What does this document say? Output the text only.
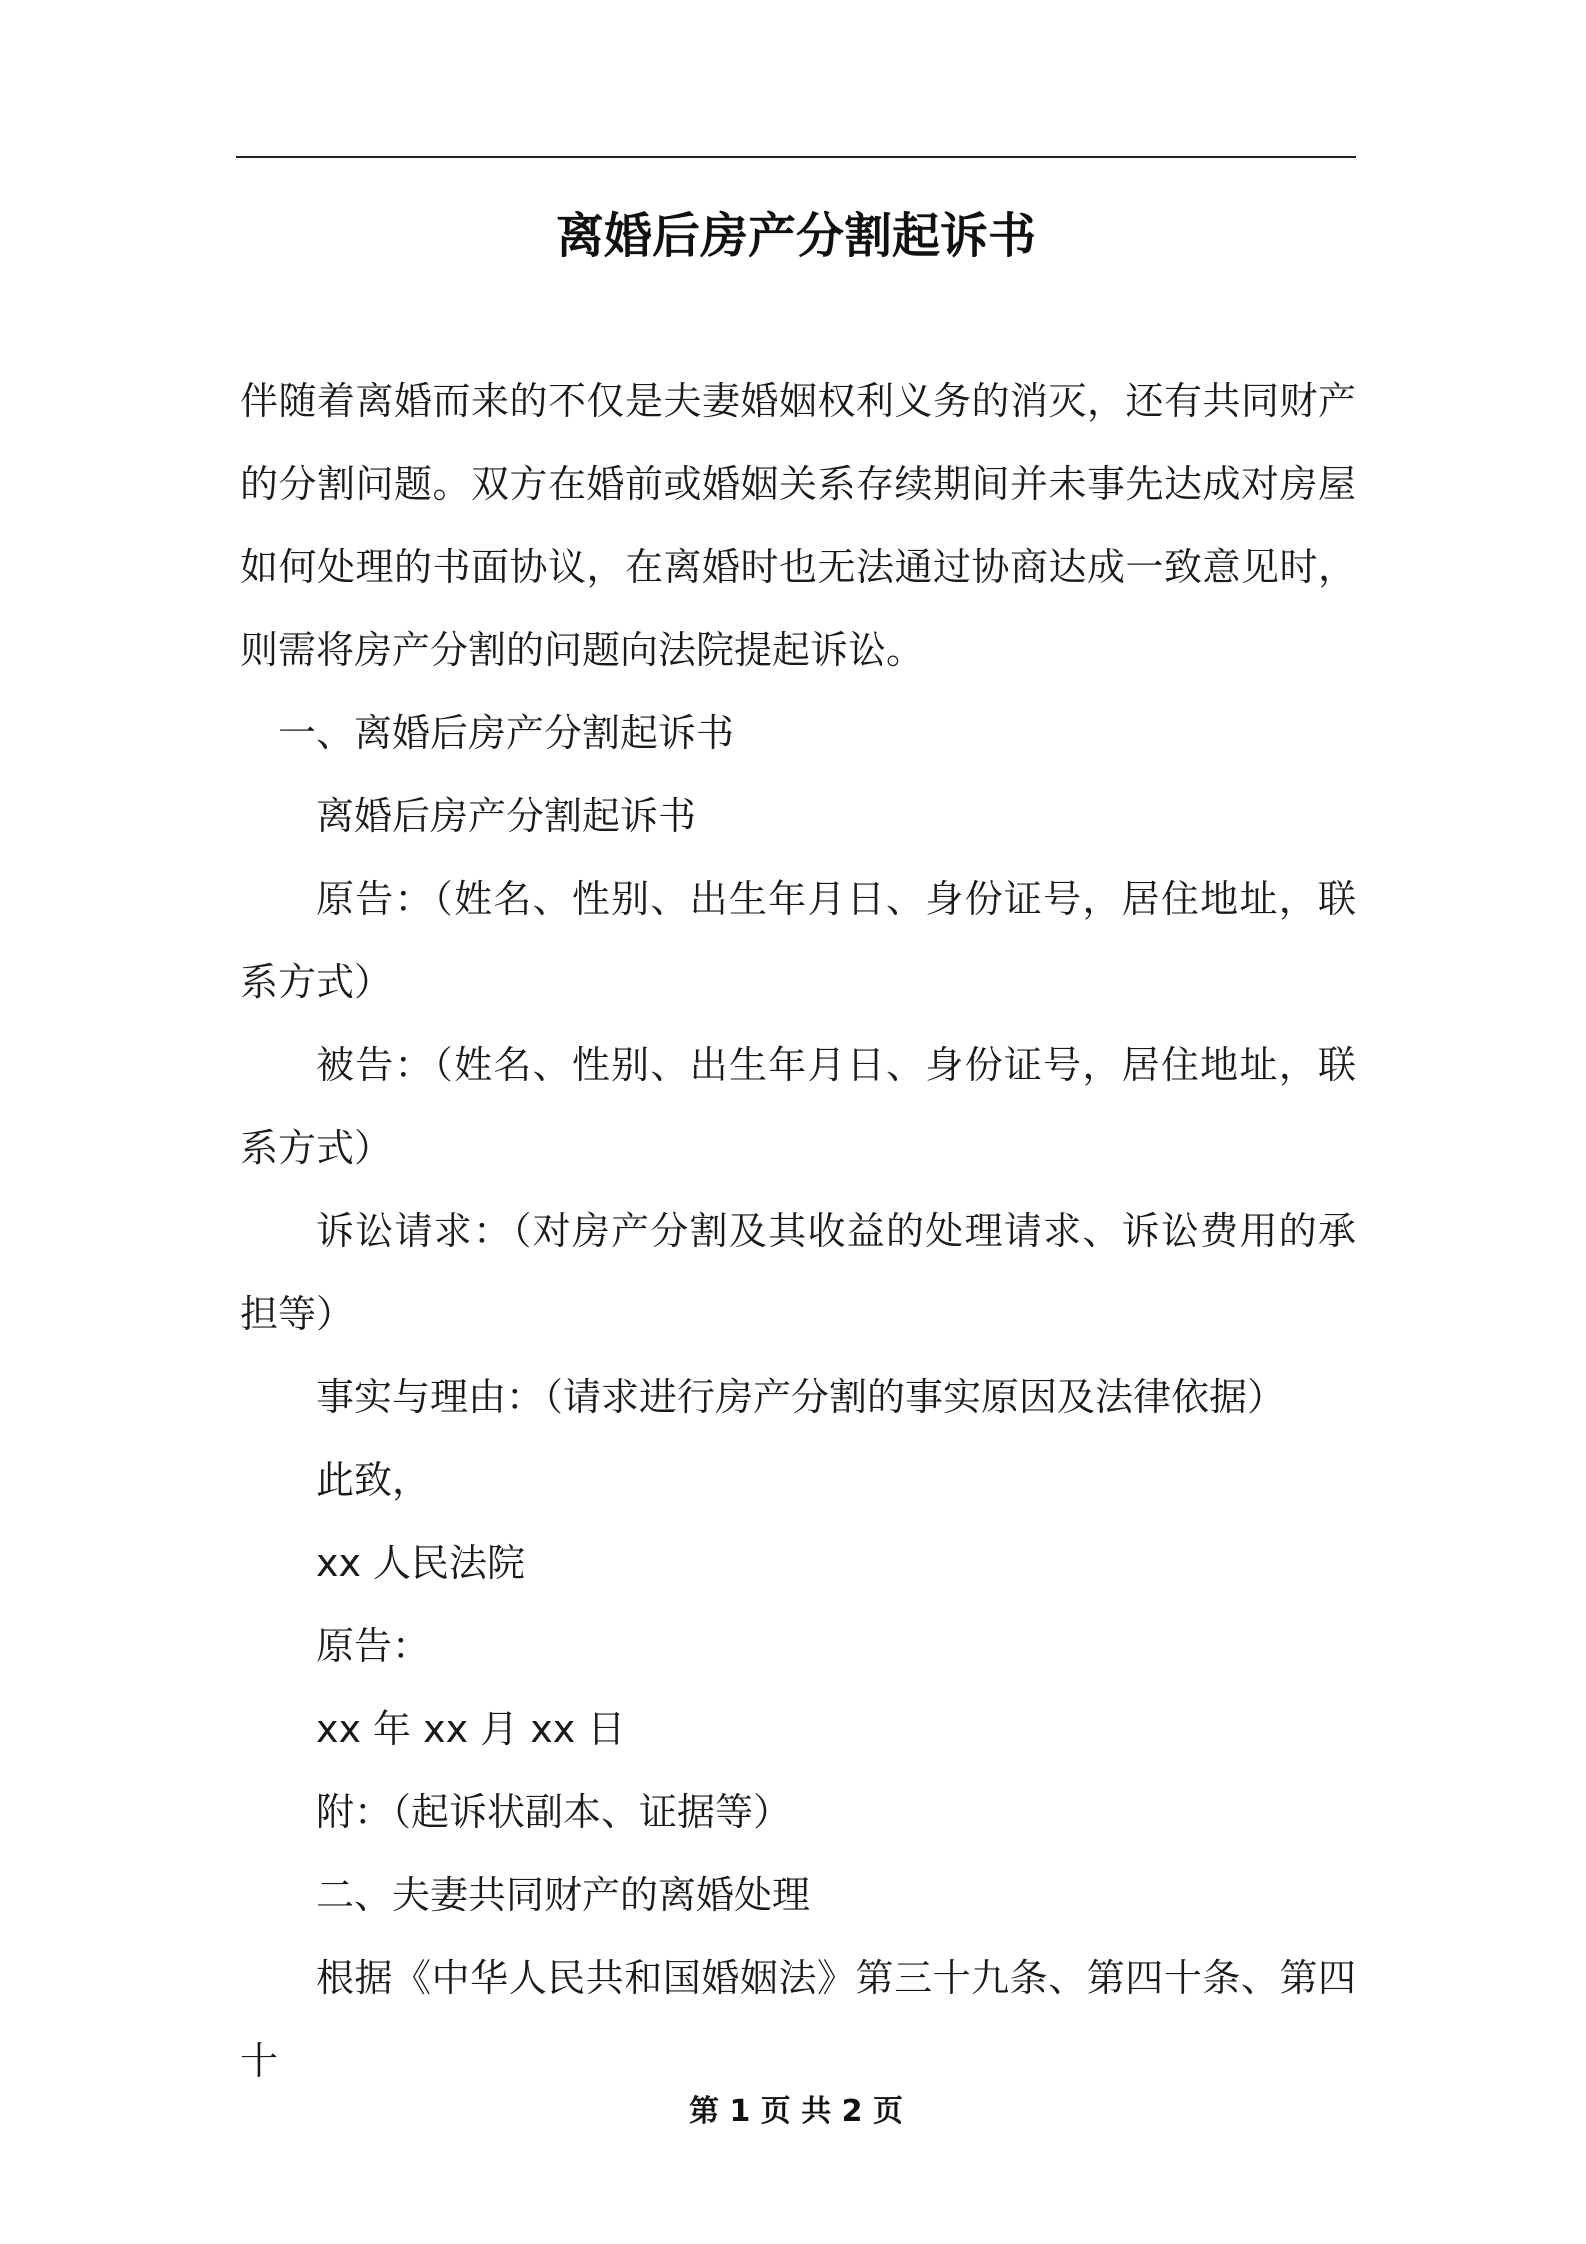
离婚后房产分割起诉书

伴随着离婚而来的不仅是夫妻婚姻权利义务的消灭，还有共同财产的分割问题。双方在婚前或婚姻关系存续期间并未事先达成对房屋如何处理的书面协议，在离婚时也无法通过协商达成一致意见时，则需将房产分割的问题向法院提起诉讼。

一、离婚后房产分割起诉书

离婚后房产分割起诉书

原告：（姓名、性别、出生年月日、身份证号，居住地址，联系方式）

被告：（姓名、性别、出生年月日、身份证号，居住地址，联系方式）

诉讼请求：（对房产分割及其收益的处理请求、诉讼费用的承担等）

事实与理由：（请求进行房产分割的事实原因及法律依据）

此致，

xx 人民法院

原告：

xx 年 xx 月 xx 日

附：（起诉状副本、证据等）

二、夫妻共同财产的离婚处理

根据《中华人民共和国婚姻法》第三十九条、第四十条、第四十

第 1 页 共 2 页
